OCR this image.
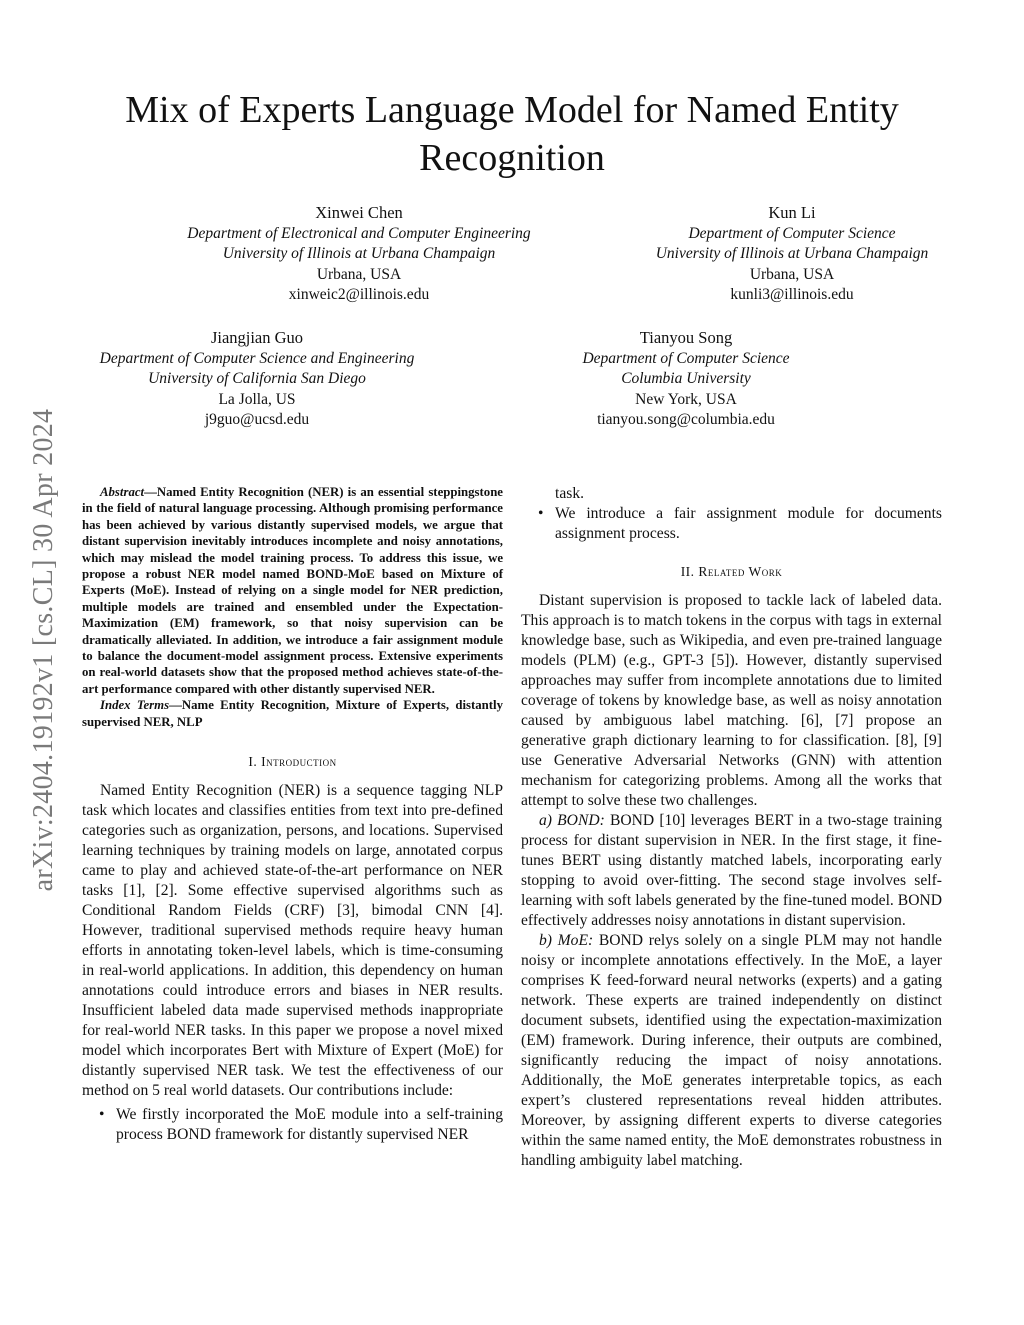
arXiv:2404.19192v1 [cs.CL] 30 Apr 2024
Mix of Experts Language Model for Named Entity Recognition
Xinwei Chen
Department of Electronical and Computer Engineering
University of Illinois at Urbana Champaign
Urbana, USA
xinweic2@illinois.edu
Kun Li
Department of Computer Science
University of Illinois at Urbana Champaign
Urbana, USA
kunli3@illinois.edu
Jiangjian Guo
Department of Computer Science and Engineering
University of California San Diego
La Jolla, US
j9guo@ucsd.edu
Tianyou Song
Department of Computer Science
Columbia University
New York, USA
tianyou.song@columbia.edu

Abstract—Named Entity Recognition (NER) is an essential steppingstone in the field of natural language processing. Although promising performance has been achieved by various distantly supervised models, we argue that distant supervision inevitably introduces incomplete and noisy annotations, which may mislead the model training process. To address this issue, we propose a robust NER model named BOND-MoE based on Mixture of Experts (MoE). Instead of relying on a single model for NER prediction, multiple models are trained and ensembled under the Expectation-Maximization (EM) framework, so that noisy supervision can be dramatically alleviated. In addition, we introduce a fair assignment module to balance the document-model assignment process. Extensive experiments on real-world datasets show that the proposed method achieves state-of-the-art performance compared with other distantly supervised NER.

Index Terms—Name Entity Recognition, Mixture of Experts, distantly supervised NER, NLP

I. Introduction

Named Entity Recognition (NER) is a sequence tagging NLP task which locates and classifies entities from text into pre-defined categories such as organization, persons, and locations. Supervised learning techniques by training models on large, annotated corpus came to play and achieved state-of-the-art performance on NER tasks [1], [2]. Some effective supervised algorithms such as Conditional Random Fields (CRF) [3], bimodal CNN [4]. However, traditional supervised methods require heavy human efforts in annotating token-level labels, which is time-consuming in real-world applications. In addition, this dependency on human annotations could introduce errors and biases in NER results. Insufficient labeled data made supervised methods inappropriate for real-world NER tasks. In this paper we propose a novel mixed model which incorporates Bert with Mixture of Expert (MoE) for distantly supervised NER task. We test the effectiveness of our method on 5 real world datasets. Our contributions include:

• We firstly incorporated the MoE module into a self-training process BOND framework for distantly supervised NER

task.

• We introduce a fair assignment module for documents assignment process.
II. Related Work

Distant supervision is proposed to tackle lack of labeled data. This approach is to match tokens in the corpus with tags in external knowledge base, such as Wikipedia, and even pre-trained language models (PLM) (e.g., GPT-3 [5]). However, distantly supervised approaches may suffer from incomplete annotations due to limited coverage of tokens by knowledge base, as well as noisy annotation caused by ambiguous label matching. [6], [7] propose an generative graph dictionary learning to for classification. [8], [9] use Generative Adversarial Networks (GNN) with attention mechanism for categorizing problems. Among all the works that attempt to solve these two challenges.

a) BOND: BOND [10] leverages BERT in a two-stage training process for distant supervision in NER. In the first stage, it fine-tunes BERT using distantly matched labels, incorporating early stopping to avoid over-fitting. The second stage involves self-learning with soft labels generated by the fine-tuned model. BOND effectively addresses noisy annotations in distant supervision.

b) MoE: BOND relys solely on a single PLM may not handle noisy or incomplete annotations effectively. In the MoE, a layer comprises K feed-forward neural networks (experts) and a gating network. These experts are trained independently on distinct document subsets, identified using the expectation-maximization (EM) framework. During inference, their outputs are combined, significantly reducing the impact of noisy annotations. Additionally, the MoE generates interpretable topics, as each expert’s clustered representations reveal hidden attributes. Moreover, by assigning different experts to diverse categories within the same named entity, the MoE demonstrates robustness in handling ambiguity label matching.
